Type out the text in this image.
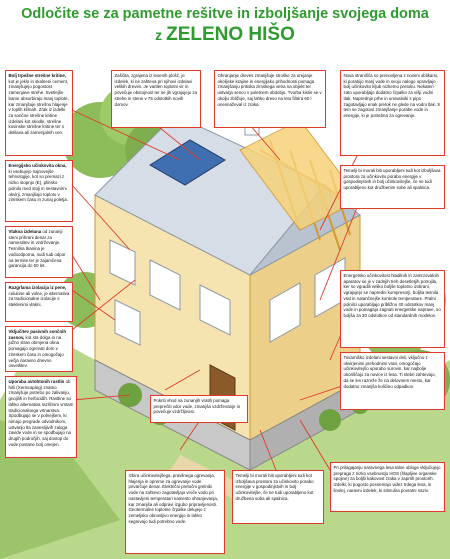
Odločite se za pametne rešitve in izboljšanje svojega doma
z ZELENO HIŠO
Bolj trpežne strešne kritine, kot je jeklo in skalneni cement, zmanjšujejo pogostost zamenjave strehe. Svetlejše barve absorbirajo manj toplote, kar zmanjšuje strešno hlajenje v toplih klimah. Zrak iz izdelki za sončne strešne kritine izdelani kot skodle, strešne kovinske strešne kritine ter s delilava ali zamenjalnih cen.
Energijsko učinkovita okna, ki vsebujejo najnovejše tehnologije, kot so premazi z nizko stopnjo (E), plinsko polnilo med stoji in sestavnimi okvirji, zmanjšajo toploto v zimskem času in zunaj poletja.
Vlakna izdelana od zunanji steni prihrani denar za namestitev in vzdrževanje. Tesnilna tkanina je vodoodporna, nudi tudi odpor na termite ter je zajamčena garancija do 50 let.
Razgrlama izolacija iz pene, celulose ali volne, je alternativa za tradicionalne izolacije s steklenimi vlakni.
Vključitev pasivnih sončnih zasnov, kot sta dolga in na južno stran obrnjena okna pomagajo ogrevati dom v zimskem času in omogočajo večja naravno dnevno osvetlitev.
Uporaba avtohtonih rastlin ob hiši (Xeriscaping) znatno zmanjšuje potrebo po zalivanju, gnojilih in herbicidih. Rastline so lahko alternativa različnim vrstam tradicionalnega vrtnarstva. Spodbujajo se v polnejšem, ki nimajo pregrade odvodnikom, ustvarijo tla zaneslijivih zaloga zavide vode in se spodbujajo na drugih področjih, saj dostop do vode postane bolj omejen.
Zaščita, zgrajena iz lesenih plošč, je izdelek, ki ne zahteva pri njihovi izdelavi velikih dreves. Je vartlen toplotni vir in povečuje obstojnost ter se jih vgrajujejo za strehe in stene v 75 odstotkih novih domov.
Ohranjanje dreves zmanjšuje stroške za urejanje okolijske krajine in energijsko prihodnosti pomaga zmanjšanju pritiska zimskega vetra na objekt ter ustvarja senco v poletnem obdobju. Tvorba kislin se v okolju zbližuje, saj lahko drevo na leto filtrira 60 l onesnaževal iz zraka.
Nova stranišča so prenovljena z novimi oblikami, ki porabijo manj vode in svojo nalogo opravljajo bolj učinkovito kljub nizkemu pretoku. Nekateri zato uporabljajo dodatno črpalko za višji vodni tlak. Naprednje prhe in umivalniki s pipo zagotavljajo enak pretok ne glede na vodni tlak. S tem se zagotovi zmanjšanje porabe vode in energije, ki je potrebna za ogrevanje.
Temelji bi morali biti uporabljeni tudi kot izboljšava prostora za učinkovito porabo energije v gospodinjstvih in bolj učinkovitejše, če ne tudi uporabljeno kot družbenim sobe ali spalnica.
Energetsko učinkovitost hladilnih in zamrzovalnih aparatov se je v zadnjih treh desetletjih potrojila, ker so vgradili veliko boljše toplotno izolirani, vgrajujejo se napredni kompresorji, boljša tesnila vrat in natančnejše kontrole temperature. Pralni polnilci uporabljajo približno 40 odstotkov manj vode in pomagajo zagnati energetske naprave, so boljša za 30 odstotkov od standardnih modelov.
Tovarniško izdelani sestavni deli, vključno z okvirjenimi prehodnimi vrati, omogočajo učinkovitejšo uporabo surovin, kar najbolje okoriščajo za novice iz lesa. Ti stebri zahtevajo, da se les razreže že na delovnem mestu, kar dodatno zmanjša količino odpadkov.
Pokriti vhod na zunanjih vratih pomaga preprečiti vdor vode, zmanjša vzdrževanje in povečuje vzdržljivost.
Izbira učinkovitejšega, pravilnega ogrevanja, hlajenja in opreme za ogrevanje vode privarčuje denar. Električni pretočni grelniki vode na zahtevo zagotavljajo vroče vodo pri nastavljeni temperaturi namesto shranjevanja, kar zmanjša ali odpravi izgubo pripravljenosti. Geotermalne toplotne črpalke delujejo z zemeljsko obnovljivo energijo in lahko segrevajo tudi potrebno vode.
Temelji bi morali biti uporabljeni tudi kot izboljšava prostora za učinkovito porabo energije v gospodinjstvih in bolj učinkovitejše, če ne tudi uporabljeno kot družbena soba ali spalnica.
Pri prilagajanju naravnega lesa talne obloge vključujejo prepraga z nizko vsebnostjo HOS (hlapljive organske spojine) za boljši kakovost zraka v zaprtih prostorih. Izdelki, ki pogosto posnemajo videz trdega lesa, in linolej, naravni izdelek, ki stimulira povratni naziv.
